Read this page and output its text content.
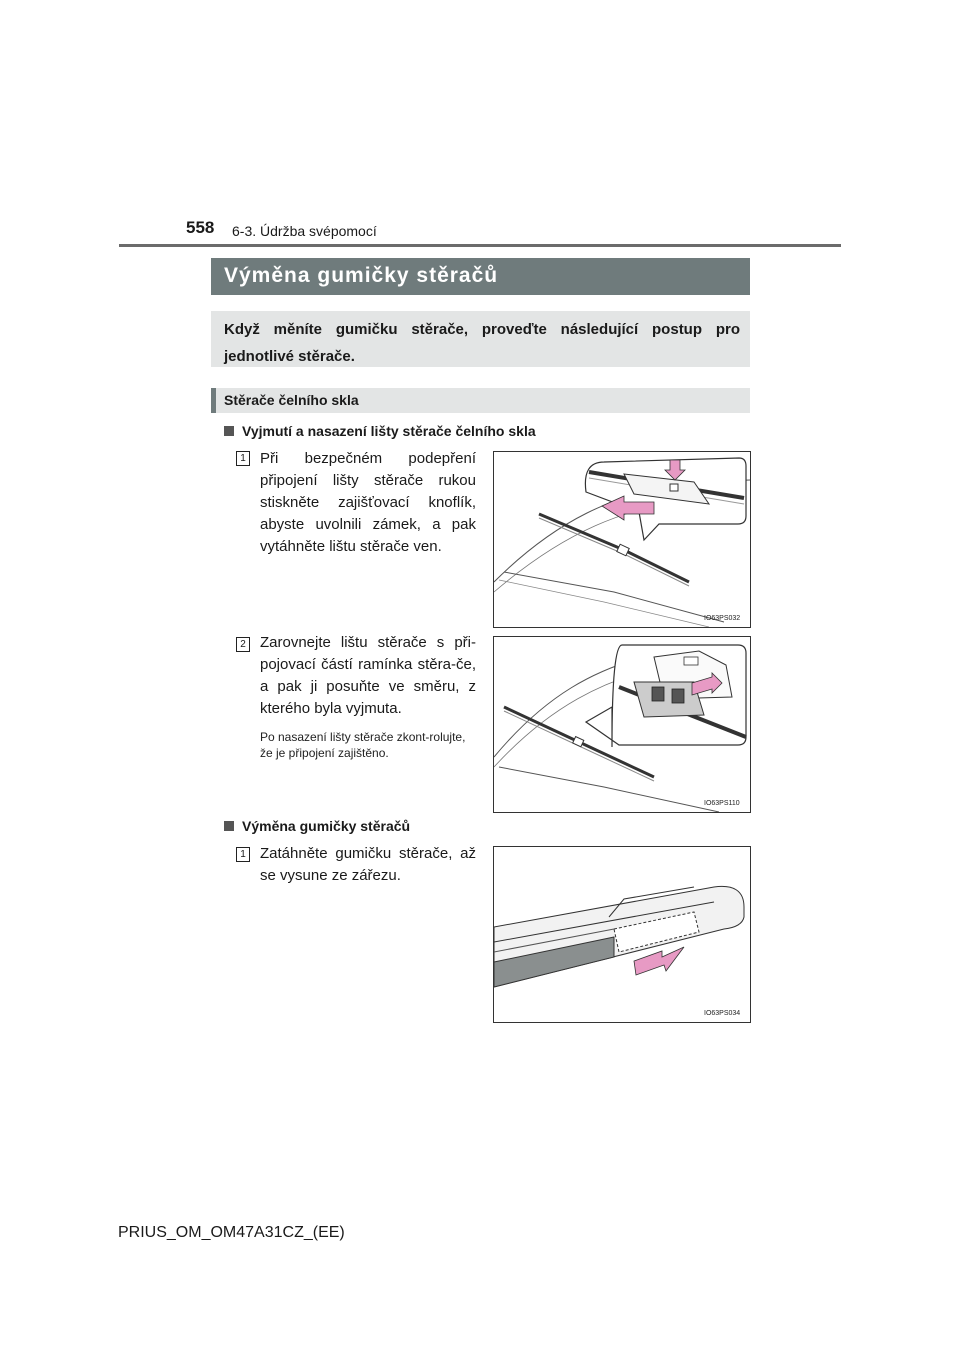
558 6-3. Údržba svépomocí
Výměna gumičky stěračů
Když měníte gumičku stěrače, proveďte následující postup pro jednotlivé stěrače.
Stěrače čelního skla
Vyjmutí a nasazení lišty stěrače čelního skla
1 Při bezpečném podepření připojení lišty stěrače rukou stiskněte zajišťovací knoflík, abyste uvolnili zámek, a pak vytáhněte lištu stěrače ven.
IO63PS032
2 Zarovnejte lištu stěrače s při-pojovací částí ramínka stěra-če, a pak ji posuňte ve směru, z kterého byla vyjmuta.
Po nasazení lišty stěrače zkont-rolujte, že je připojení zajištěno.
IO63PS110
Výměna gumičky stěračů
1 Zatáhněte gumičku stěrače, až se vysune ze zářezu.
IO63PS034
PRIUS_OM_OM47A31CZ_(EE)
